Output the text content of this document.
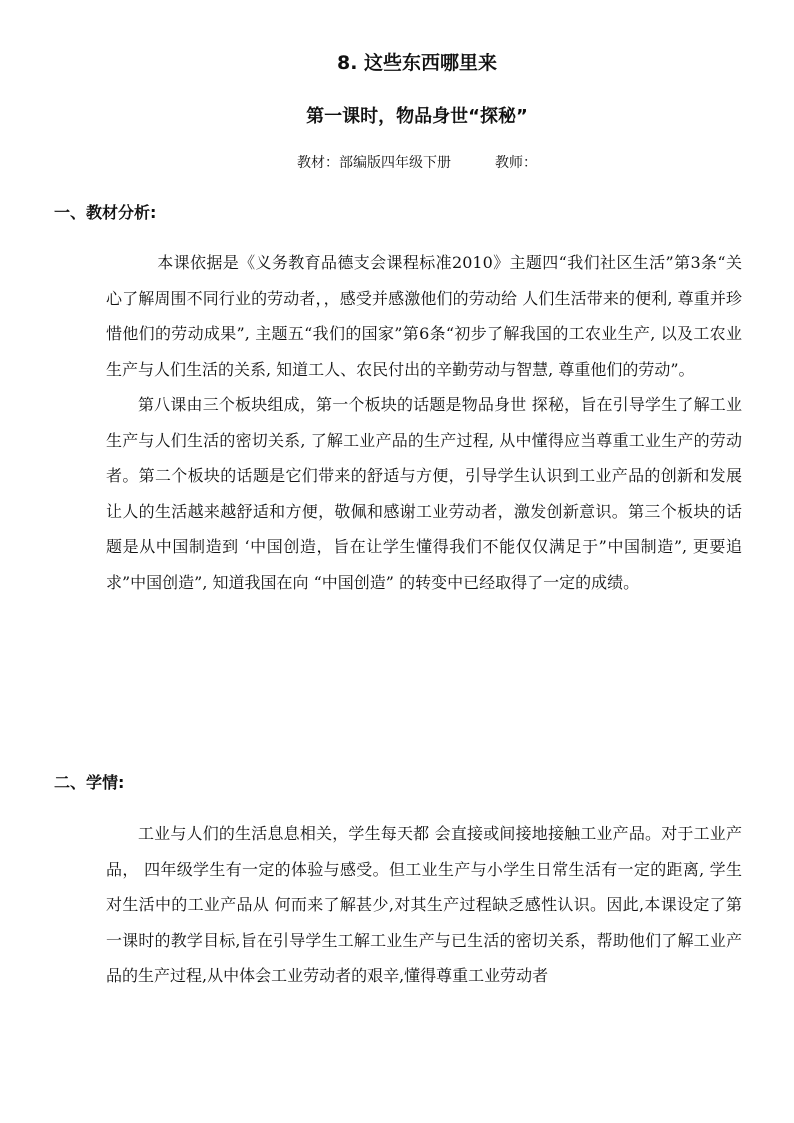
8. 这些东西哪里来
第一课时，物品身世“探秘”
教材：部编版四年级下册	教师：
一、教材分析:

本课依据是《义务教育品德支会课程标准2010》主题四“我们社区生活”第3条“关心了解周围不同行业的劳动者，，感受并感激他们的劳动给 人们生活带来的便利, 尊重并珍惜他们的劳动成果”, 主题五“我们的国家”第6条“初步了解我国的工农业生产, 以及工农业生产与人们生活的关系, 知道工人、农民付出的辛勤劳动与智慧, 尊重他们的劳动”。

第八课由三个板块组成，第一个板块的话题是物品身世 探秘，旨在引导学生了解工业生产与人们生活的密切关系, 了解工业产品的生产过程, 从中懂得应当尊重工业生产的劳动者。第二个板块的话题是它们带来的舒适与方便，引导学生认识到工业产品的创新和发展让人的生活越来越舒适和方便，敬佩和感谢工业劳动者，激发创新意识。第三个板块的话题是从中国制造到 ‘中国创造，旨在让学生懂得我们不能仅仅满足于”中国制造”, 更要追求”中国创造”, 知道我国在向 “中国创造” 的转变中已经取得了一定的成绩。

二、学情:

工业与人们的生活息息相关，学生每天都 会直接或间接地接触工业产品。对于工业产品， 四年级学生有一定的体验与感受。但工业生产与小学生日常生活有一定的距离, 学生对生活中的工业产品从 何而来了解甚少,对其生产过程缺乏感性认识。因此,本课设定了第一课时的教学目标,旨在引导学生工解工业生产与已生活的密切关系，帮助他们了解工业产品的生产过程,从中体会工业劳动者的艰辛,懂得尊重工业劳动者
